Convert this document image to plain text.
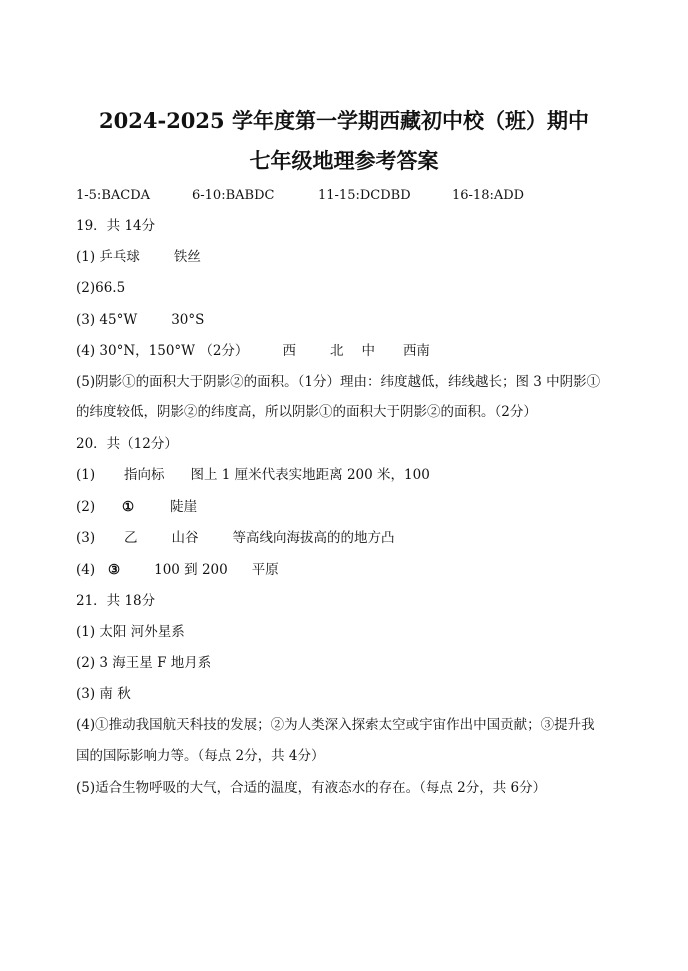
2024-2025 学年度第一学期西藏初中校（班）期中
七年级地理参考答案
1-5:BACDA	6-10:BABDC	11-15:DCDBD	16-18:ADD
19．共 14分
(1) 乒乓球	铁丝
(2)66.5
(3) 45°W	30°S
(4) 30°N，150°W （2分）	西	北 中 西南
(5)阴影①的面积大于阴影②的面积。（1分）理由：纬度越低，纬线越长；图 3 中阴影①
的纬度较低，阴影②的纬度高，所以阴影①的面积大于阴影②的面积。（2分）
20．共（12分）
(1) 指向标 图上 1 厘米代表实地距离 200 米，100
(2) ①	陡崖
(3) 乙	山谷	等高线向海拔高的的地方凸
(4) ③	100 到 200 平原
21．共 18分
(1) 太阳 河外星系
(2) 3 海王星 F 地月系
(3) 南 秋
(4)①推动我国航天科技的发展；②为人类深入探索太空或宇宙作出中国贡献；③提升我
国的国际影响力等。（每点 2分，共 4分）
(5)适合生物呼吸的大气，合适的温度，有液态水的存在。（每点 2分，共 6分）
